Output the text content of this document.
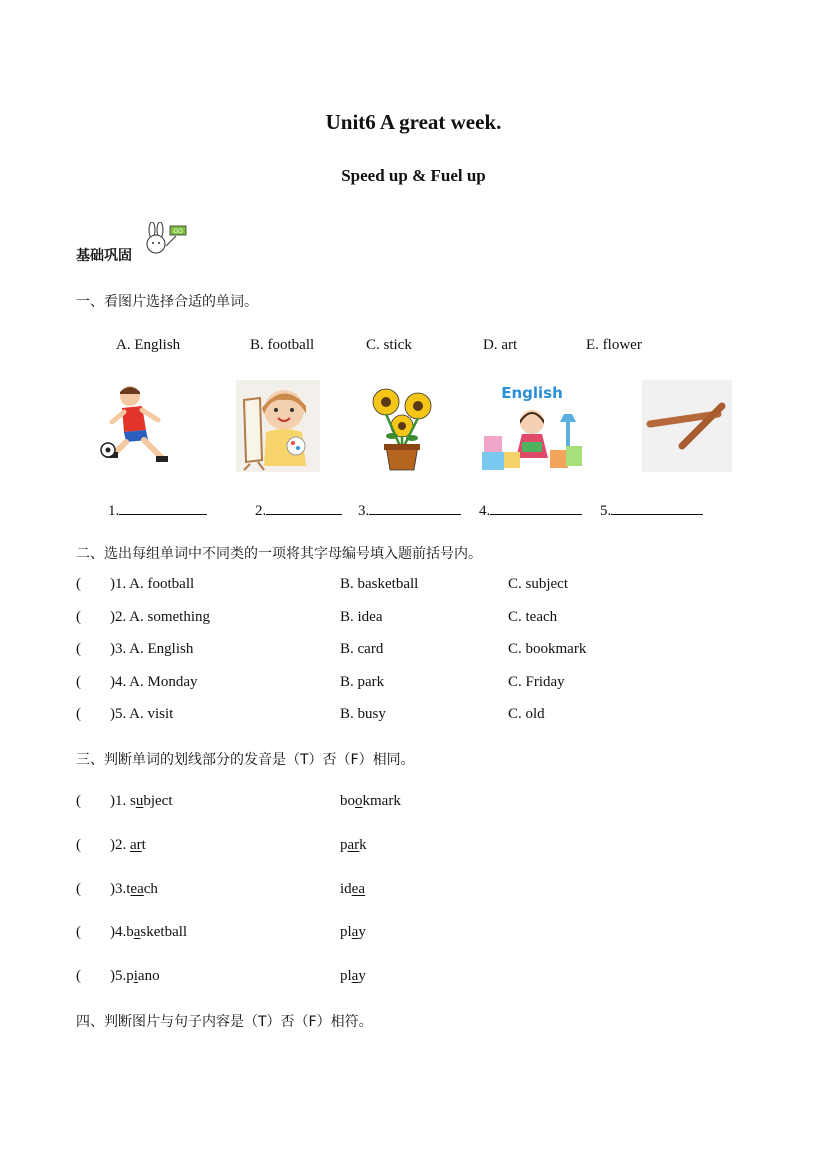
Unit6 A great week.
Speed up & Fuel up
基础巩固
GO
一、看图片选择合适的单词。
A. English	B. football	C. stick	D. art	E. flower
English
1.	2.	3.	4.	5.
二、选出每组单词中不同类的一项将其字母编号填入题前括号内。
( )1. A. football	B. basketball	C. subject
( )2. A. something	B. idea	C. teach
( )3. A. English	B. card	C. bookmark
( )4. A. Monday	B. park	C. Friday
( )5. A. visit	B. busy	C. old
三、判断单词的划线部分的发音是（T）否（F）相同。
( )1. subject	bookmark
( )2. art	park
( )3.teach	idea
( )4.basketball	play
( )5.piano	play
四、判断图片与句子内容是（T）否（F）相符。
